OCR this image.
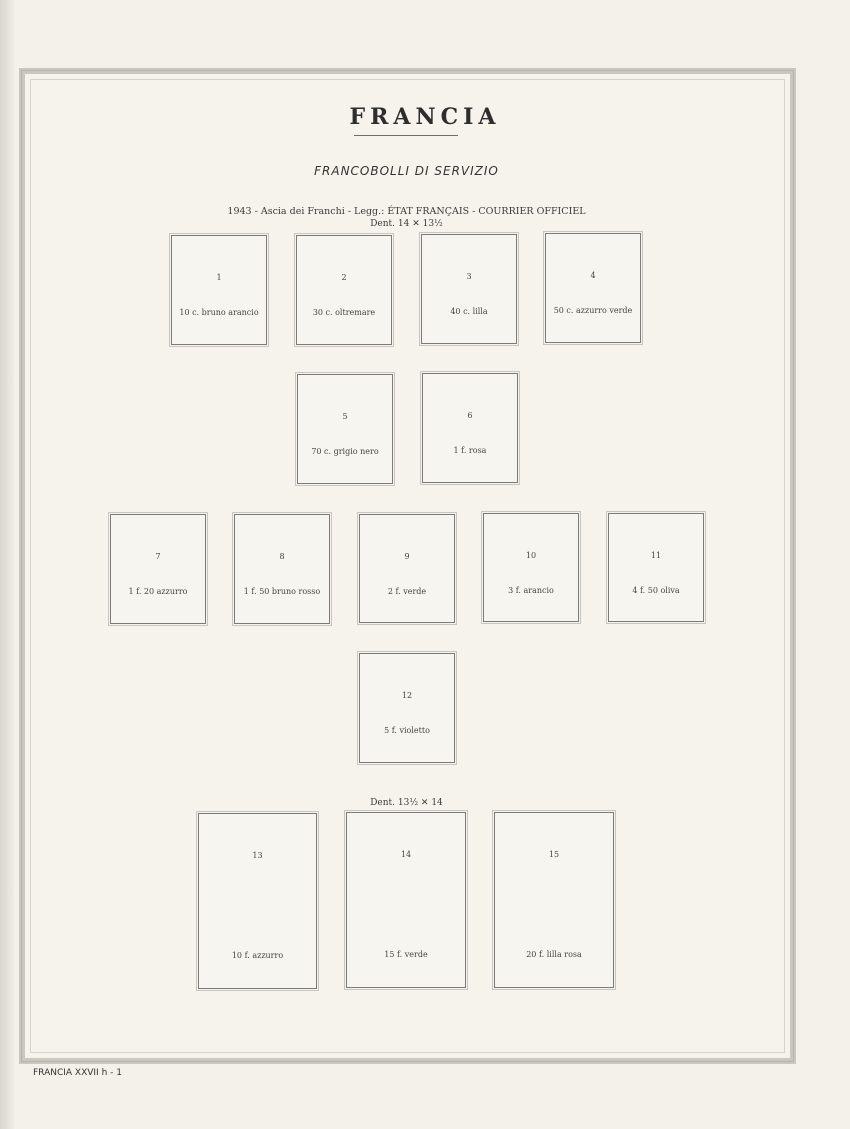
FRANCIA
FRANCOBOLLI DI SERVIZIO
1943 - Ascia dei Franchi - Legg.: ÉTAT FRANÇAIS - COURRIER OFFICIEL
Dent. 14 ✕ 13½
1
10 c. bruno arancio
2
30 c. oltremare
3
40 c. lilla
4
50 c. azzurro verde
5
70 c. grigio nero
6
1 f. rosa
7
1 f. 20 azzurro
8
1 f. 50 bruno rosso
9
2 f. verde
10
3 f. arancio
11
4 f. 50 oliva
12
5 f. violetto
Dent. 13½ ✕ 14
13
10 f. azzurro
14
15 f. verde
15
20 f. lilla rosa
FRANCIA XXVII h - 1
